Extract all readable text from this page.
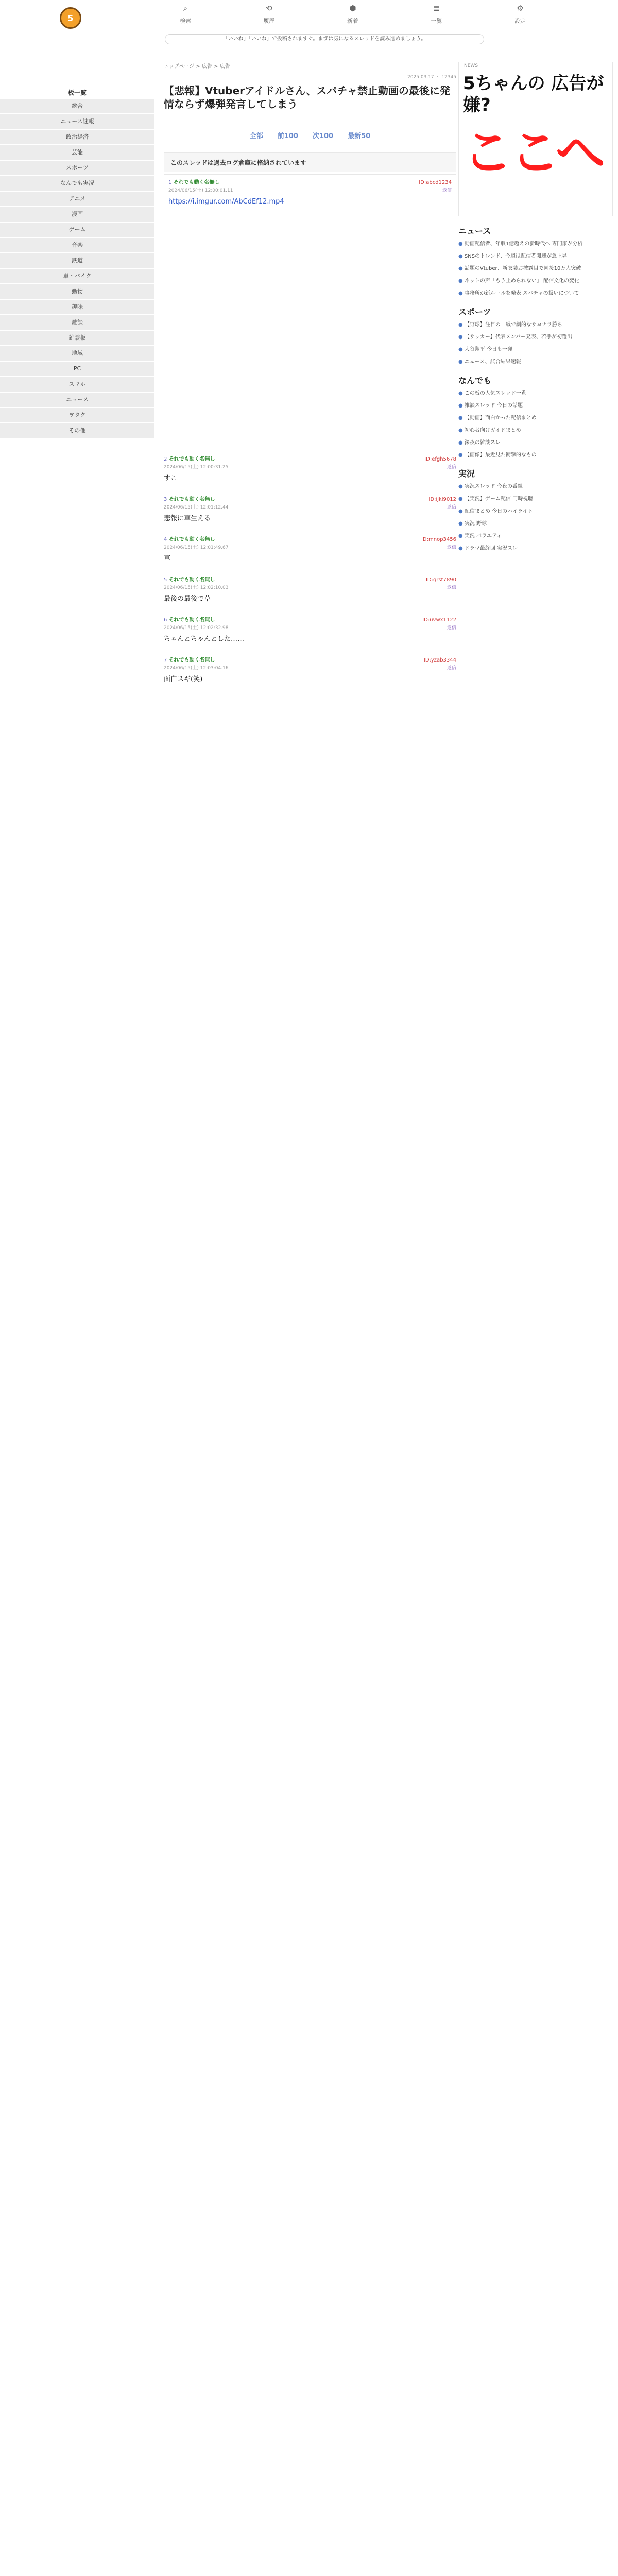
5
⌕
検索
⟲
履歴
⬢
新着
≣
一覧
⚙
設定
「いいね」「いいね」で投稿されますぐ。まずは気になるスレッドを読み進めましょう。
板一覧
総合
ニュース速報
政治経済
芸能
スポーツ
なんでも実況
アニメ
漫画
ゲーム
音楽
鉄道
車・バイク
動物
趣味
雑談
雑談板
地域
PC
スマホ
ニュース
ヲタク
その他
トップページ > 広告 > 広告
2025.03.17 ・ 12345
【悲報】Vtuberアイドルさん、スパチャ禁止動画の最後に発情ならず爆弾発言してしまう
全部 前100 次100 最新50
このスレッドは過去ログ倉庫に格納されています
1 それでも動く名無し	ID:abcd1234
2024/06/15(土) 12:00:01.11	返信
https://i.imgur.com/AbCdEf12.mp4
2 それでも動く名無し	ID:efgh5678
2024/06/15(土) 12:00:31.25	返信
すこ
3 それでも動く名無し	ID:ijkl9012
2024/06/15(土) 12:01:12.44	返信
悲報に草生える
4 それでも動く名無し	ID:mnop3456
2024/06/15(土) 12:01:49.67	返信
草
5 それでも動く名無し	ID:qrst7890
2024/06/15(土) 12:02:10.03	返信
最後の最後で草
6 それでも動く名無し	ID:uvwx1122
2024/06/15(土) 12:02:32.98	返信
ちゃんとちゃんとした……
7 それでも動く名無し	ID:yzab3344
2024/06/15(土) 12:03:04.16	返信
面白スギ(笑)
NEWS
5ちゃんの 広告が嫌?
ここへ
ニュース
● 動画配信者、年収1億超えの新時代へ 専門家が分析
● SNSのトレンド、今週は配信者関連が急上昇
● 話題のVtuber、新衣装お披露目で同接10万人突破
● ネットの声「もう止められない」 配信文化の変化
● 事務所が新ルールを発表 スパチャの扱いについて
スポーツ
● 【野球】注目の一戦で劇的なサヨナラ勝ち
● 【サッカー】代表メンバー発表、若手が初選出
● 大谷翔平 今日も一発
● ニュース、試合結果速報
なんでも
● この板の人気スレッド一覧
● 雑談スレッド 今日の話題
● 【動画】面白かった配信まとめ
● 初心者向けガイドまとめ
● 深夜の雑談スレ
● 【画像】最近見た衝撃的なもの
実況
● 実況スレッド 今夜の番組
● 【実況】ゲーム配信 同時視聴
● 配信まとめ 今日のハイライト
● 実況 野球
● 実況 バラエティ
● ドラマ最終回 実況スレ
